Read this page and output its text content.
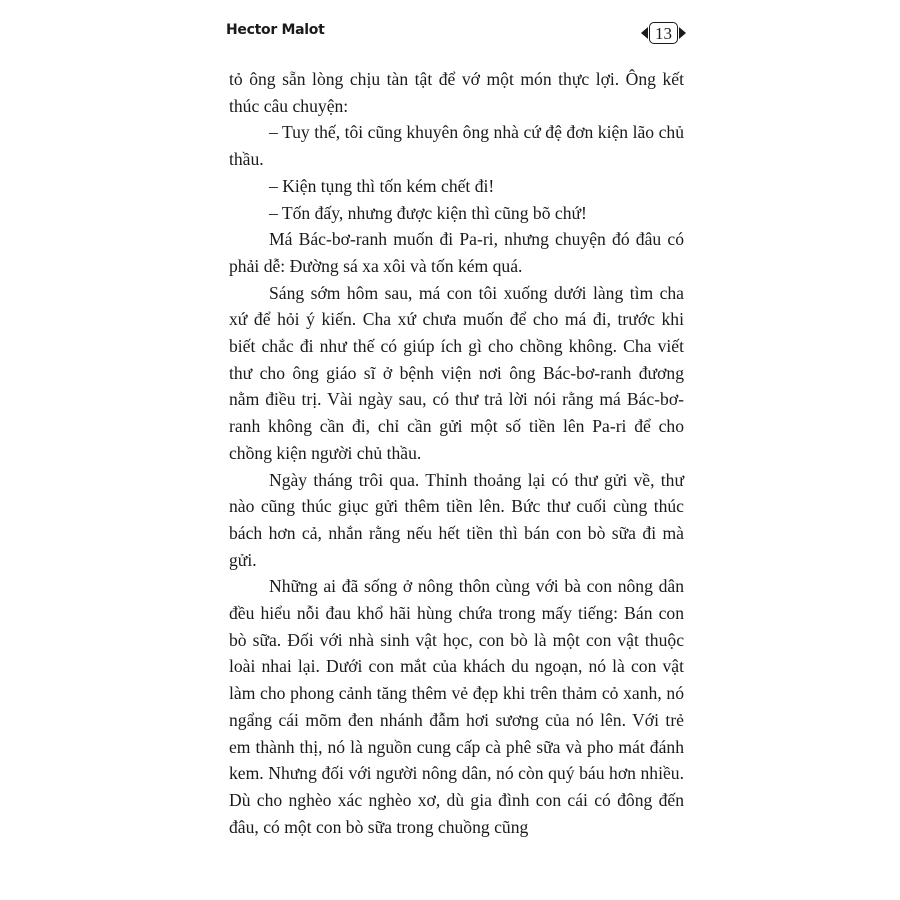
Hector Malot	13

tỏ ông sẵn lòng chịu tàn tật để vớ một món thực lợi. Ông kết thúc câu chuyện:

– Tuy thế, tôi cũng khuyên ông nhà cứ đệ đơn kiện lão chủ thầu.

– Kiện tụng thì tốn kém chết đi!

– Tốn đấy, nhưng được kiện thì cũng bõ chứ!

Má Bác-bơ-ranh muốn đi Pa-ri, nhưng chuyện đó đâu có phải dễ: Đường sá xa xôi và tốn kém quá.

Sáng sớm hôm sau, má con tôi xuống dưới làng tìm cha xứ để hỏi ý kiến. Cha xứ chưa muốn để cho má đi, trước khi biết chắc đi như thế có giúp ích gì cho chồng không. Cha viết thư cho ông giáo sĩ ở bệnh viện nơi ông Bác-bơ-ranh đương nằm điều trị. Vài ngày sau, có thư trả lời nói rằng má Bác-bơ-ranh không cần đi, chỉ cần gửi một số tiền lên Pa-ri để cho chồng kiện người chủ thầu.

Ngày tháng trôi qua. Thỉnh thoảng lại có thư gửi về, thư nào cũng thúc giục gửi thêm tiền lên. Bức thư cuối cùng thúc bách hơn cả, nhắn rằng nếu hết tiền thì bán con bò sữa đi mà gửi.

Những ai đã sống ở nông thôn cùng với bà con nông dân đều hiểu nỗi đau khổ hãi hùng chứa trong mấy tiếng: Bán con bò sữa. Đối với nhà sinh vật học, con bò là một con vật thuộc loài nhai lại. Dưới con mắt của khách du ngoạn, nó là con vật làm cho phong cảnh tăng thêm vẻ đẹp khi trên thảm cỏ xanh, nó ngẩng cái mõm đen nhánh đẫm hơi sương của nó lên. Với trẻ em thành thị, nó là nguồn cung cấp cà phê sữa và pho mát đánh kem. Nhưng đối với người nông dân, nó còn quý báu hơn nhiều. Dù cho nghèo xác nghèo xơ, dù gia đình con cái có đông đến đâu, có một con bò sữa trong chuồng cũng
